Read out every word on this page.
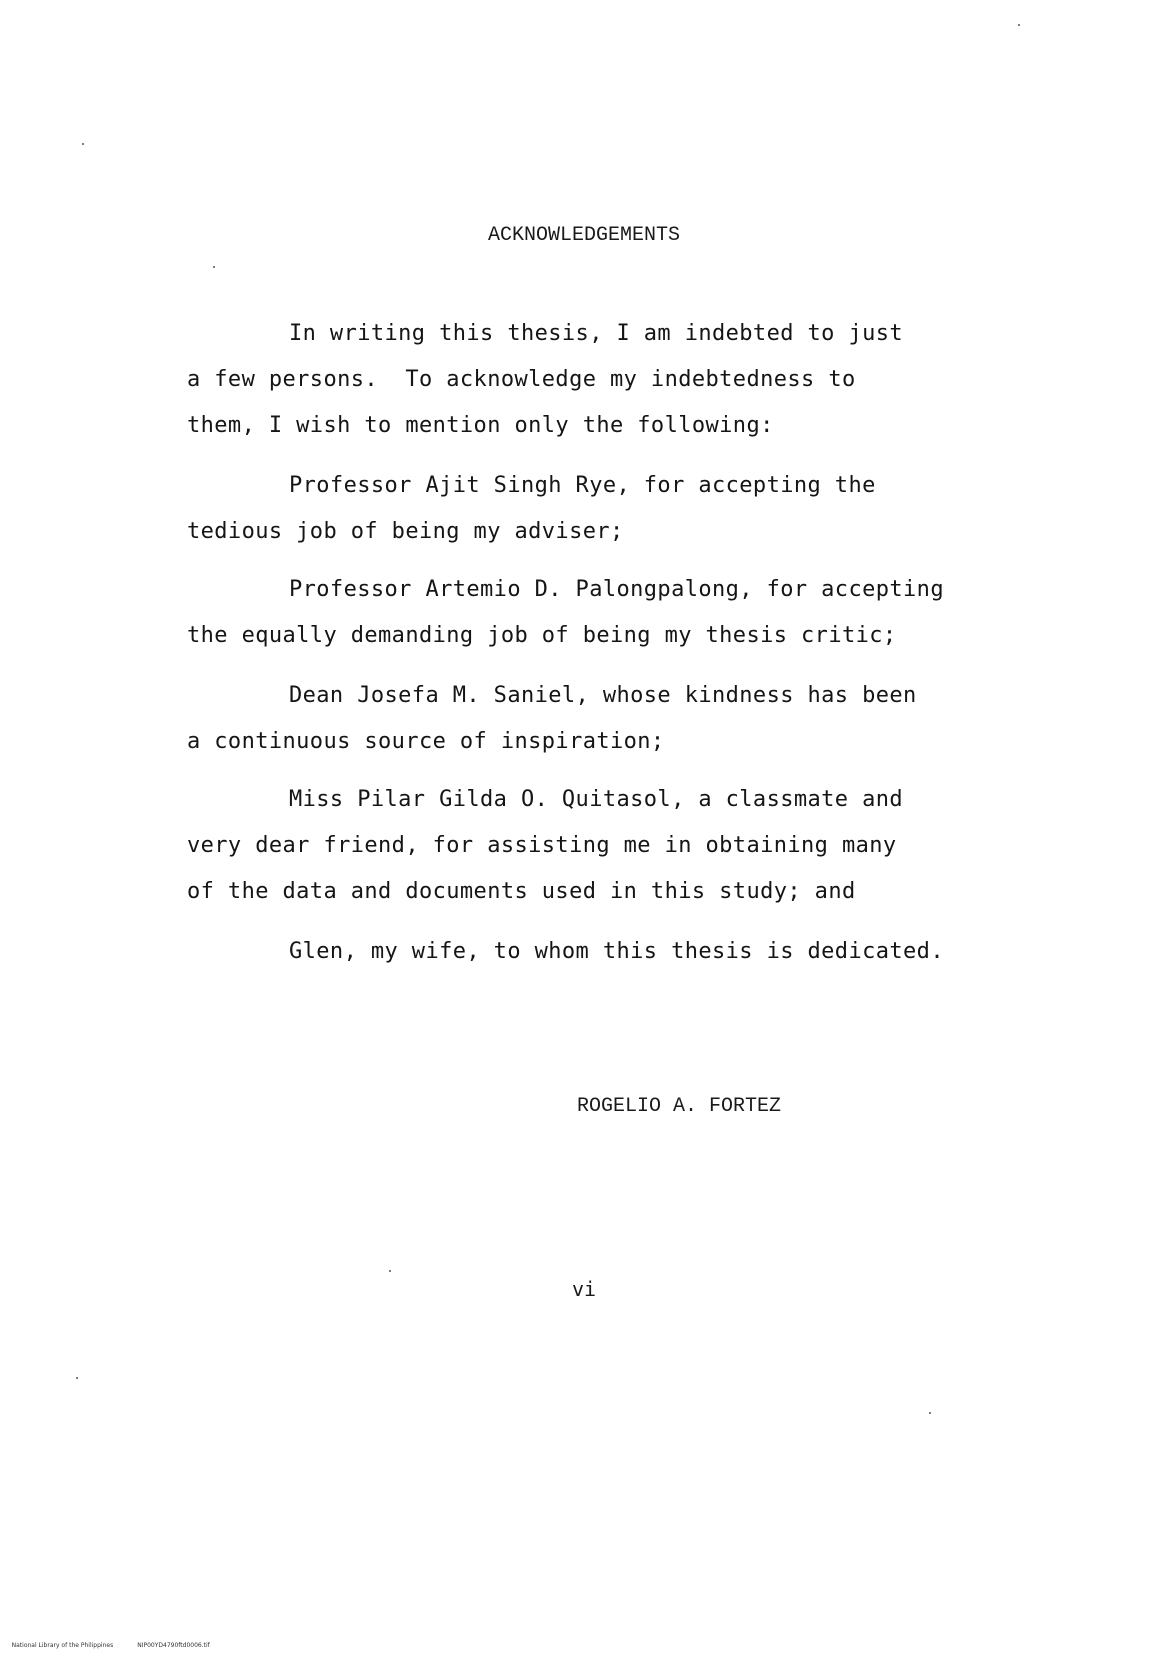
ACKNOWLEDGEMENTS
In writing this thesis, I am indebted to just
a few persons.  To acknowledge my indebtedness to
them, I wish to mention only the following:
Professor Ajit Singh Rye, for accepting the
tedious job of being my adviser;
Professor Artemio D. Palongpalong, for accepting
the equally demanding job of being my thesis critic;
Dean Josefa M. Saniel, whose kindness has been
a continuous source of inspiration;
Miss Pilar Gilda O. Quitasol, a classmate and
very dear friend, for assisting me in obtaining many
of the data and documents used in this study; and
Glen, my wife, to whom this thesis is dedicated.
ROGELIO A. FORTEZ
vi

National Library of the Philippines	NIP00YD4790ftd0006.tif
